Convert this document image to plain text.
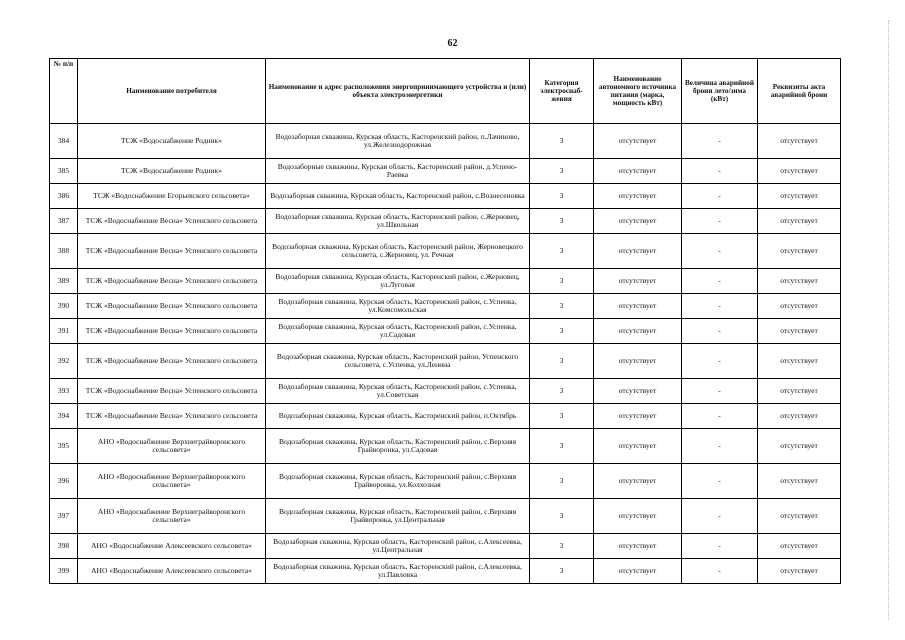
62
№ п/п	Наименование потребителя	Наименование и адрес расположения энергопринимающего устройства и (или) объекта электроэнергетики	Категория электроснаб-жения	Наименование автономного источника питания (марка, мощность кВт)	Величина аварийной брони лето/зима (кВт)	Реквизиты акта аварийной брони
384	ТСЖ «Водоснабжение Родник»	Водозаборная скважина, Курская область, Касторенский район, п.Лачиново, ул.Железнодорожная	3	отсутствует	-	отсутствует
385	ТСЖ «Водоснабжение Родник»	Водозаборные скважины, Курская область, Касторенский район, д.Успено-Раевка	3	отсутствует	-	отсутствует
386	ТСЖ «Водоснабжение Егорьевского сельсовета»	Водозаборная скважина, Курская область, Касторенский район, с.Вознесеновка	3	отсутствует	-	отсутствует
387	ТСЖ «Водоснабжение Весна» Успенского сельсовета	Водозаборная скважина, Курская область, Касторенский район, с.Жерновец, ул.Школьная	3	отсутствует	-	отсутствует
388	ТСЖ «Водоснабжение Весна» Успенского сельсовета	Водозаборная скважина, Курская область, Касторенский район, Жерновецкого сельсовета, с.Жерновец, ул. Речная	3	отсутствует	-	отсутствует
389	ТСЖ «Водоснабжение Весна» Успенского сельсовета	Водозаборная скважина, Курская область, Касторенский район, с.Жерновец, ул.Луговая	3	отсутствует	-	отсутствует
390	ТСЖ «Водоснабжение Весна» Успенского сельсовета	Водозаборная скважина, Курская область, Касторенский район, с.Успенка, ул.Комсомольская	3	отсутствует	-	отсутствует
391	ТСЖ «Водоснабжение Весна» Успенского сельсовета	Водозаборная скважина, Курская область, Касторенский район, с.Успенка, ул.Садовая	3	отсутствует	-	отсутствует
392	ТСЖ «Водоснабжение Весна» Успенского сельсовета	Водозаборная скважина, Курская область, Касторенский район, Успенского сельсовета, с.Успенка, ул.Ленина	3	отсутствует	-	отсутствует
393	ТСЖ «Водоснабжение Весна» Успенского сельсовета	Водозаборная скважина, Курская область, Касторенский район, с.Успенка, ул.Советская	3	отсутствует	-	отсутствует
394	ТСЖ «Водоснабжение Весна» Успенского сельсовета	Водозаборная скважина, Курская область, Касторенский район, п.Октябрь	3	отсутствует	-	отсутствует
395	АНО «Водоснабжение Верхнеграйворонского сельсовета»	Водозаборная скважина, Курская область, Касторенский район, с.Верхняя Грайворонка, ул.Садовая	3	отсутствует	-	отсутствует
396	АНО «Водоснабжение Верхнеграйворонского сельсовета»	Водозаборная скважина, Курская область, Касторенский район, с.Верхняя Грайворонка, ул.Колхозная	3	отсутствует	-	отсутствует
397	АНО «Водоснабжение Верхнеграйворонского сельсовета»	Водозаборная скважина, Курская область, Касторенский район, с.Верхняя Грайворонка, ул.Центральная	3	отсутствует	-	отсутствует
398	АНО «Водоснабжение Алексеевского сельсовета»	Водозаборная скважина, Курская область, Касторенский район, с.Алексеевка, ул.Центральная	3	отсутствует	-	отсутствует
399	АНО «Водоснабжение Алексеевского сельсовета»	Водозаборная скважина, Курская область, Касторенский район, с.Алексеевка, ул.Павловка	3	отсутствует	-	отсутствует
